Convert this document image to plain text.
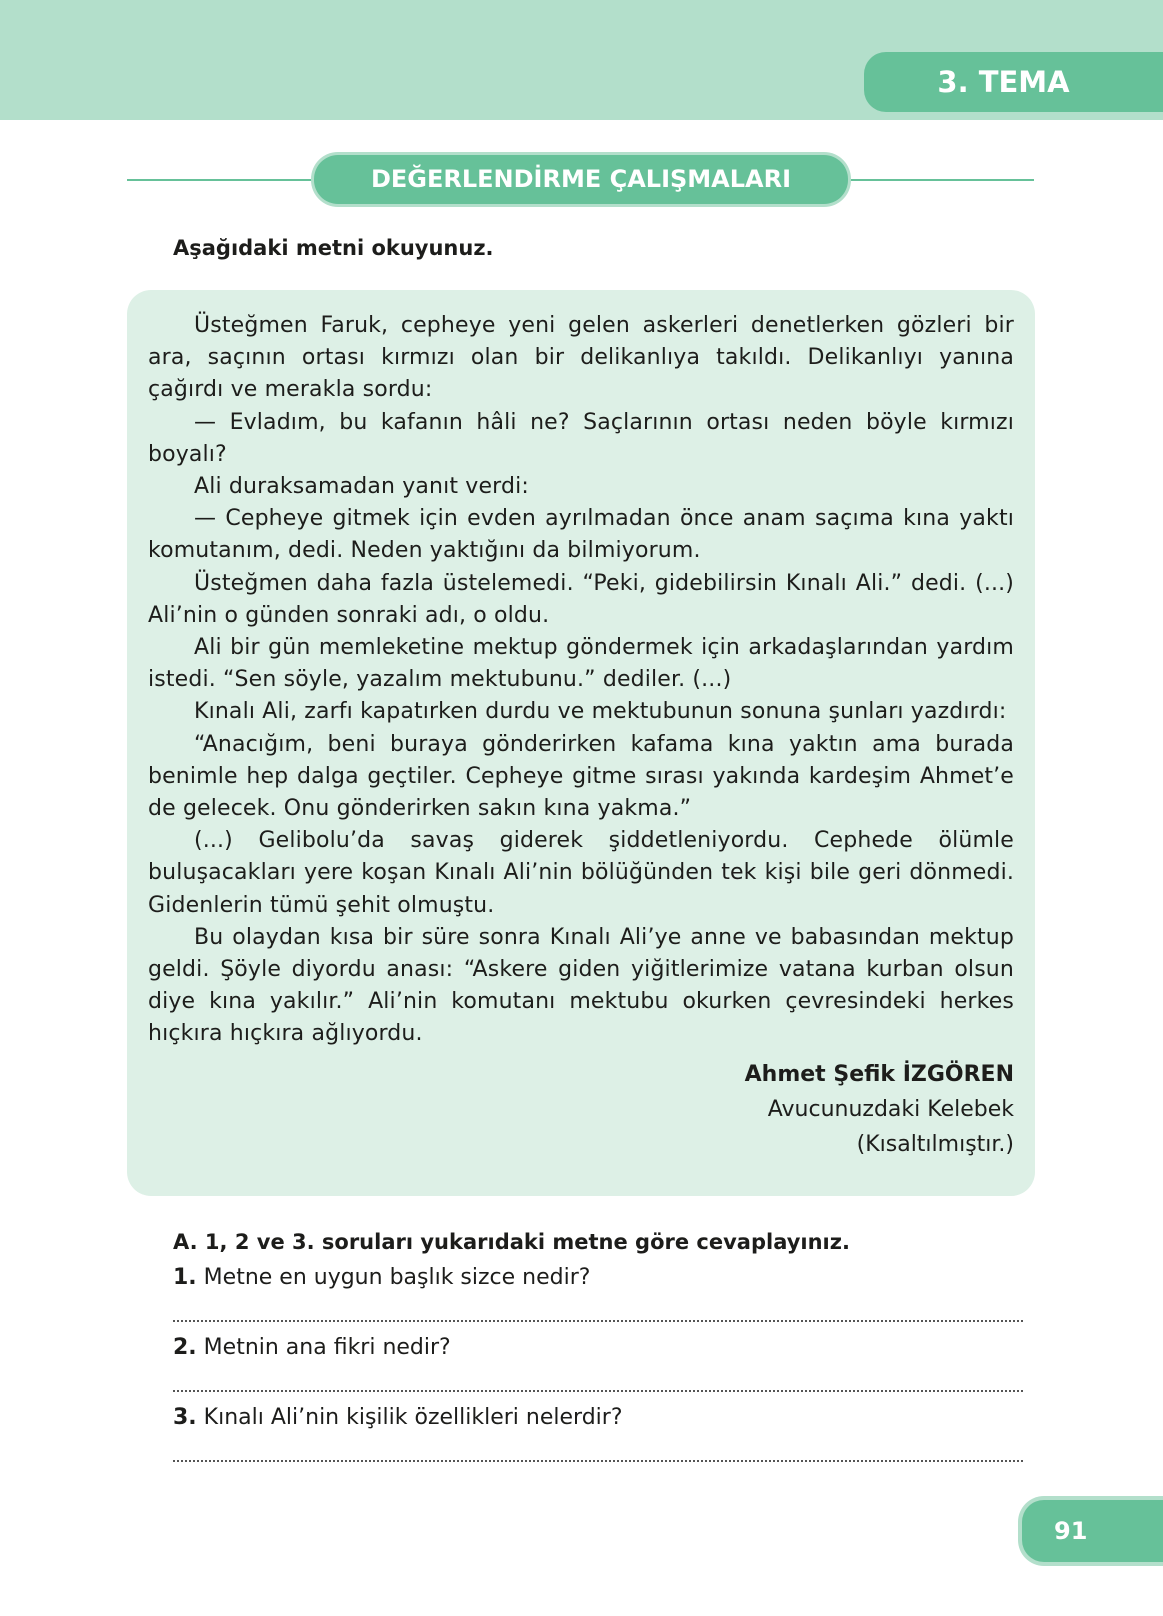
3. TEMA
DEĞERLENDİRME ÇALIŞMALARI
Aşağıdaki metni okuyunuz.

Üsteğmen Faruk, cepheye yeni gelen askerleri denetlerken gözleri bir ara, saçının ortası kırmızı olan bir delikanlıya takıldı. Delikanlıyı yanına çağırdı ve merakla sordu:

— Evladım, bu kafanın hâli ne? Saçlarının ortası neden böyle kırmızı boyalı?

Ali duraksamadan yanıt verdi:

— Cepheye gitmek için evden ayrılmadan önce anam saçıma kına yaktı komutanım, dedi. Neden yaktığını da bilmiyorum.

Üsteğmen daha fazla üstelemedi. “Peki, gidebilirsin Kınalı Ali.” dedi. (...) Ali’nin o günden sonraki adı, o oldu.

Ali bir gün memleketine mektup göndermek için arkadaşlarından yardım istedi. “Sen söyle, yazalım mektubunu.” dediler. (...)

Kınalı Ali, zarfı kapatırken durdu ve mektubunun sonuna şunları yazdırdı:

“Anacığım, beni buraya gönderirken kafama kına yaktın ama burada benimle hep dalga geçtiler. Cepheye gitme sırası yakında kardeşim Ahmet’e de gelecek. Onu gönderirken sakın kına yakma.”

(...) Gelibolu’da savaş giderek şiddetleniyordu. Cephede ölümle buluşacakları yere koşan Kınalı Ali’nin bölüğünden tek kişi bile geri dönmedi. Gidenlerin tümü şehit olmuştu.

Bu olaydan kısa bir süre sonra Kınalı Ali’ye anne ve babasından mektup geldi. Şöyle diyordu anası: “Askere giden yiğitlerimize vatana kurban olsun diye kına yakılır.” Ali’nin komutanı mektubu okurken çevresindeki herkes hıçkıra hıçkıra ağlıyordu.

Ahmet Şefik İZGÖREN
Avucunuzdaki Kelebek
(Kısaltılmıştır.)

A. 1, 2 ve 3. soruları yukarıdaki metne göre cevaplayınız.

1. Metne en uygun başlık sizce nedir?

2. Metnin ana fikri nedir?

3. Kınalı Ali’nin kişilik özellikleri nelerdir?

91
